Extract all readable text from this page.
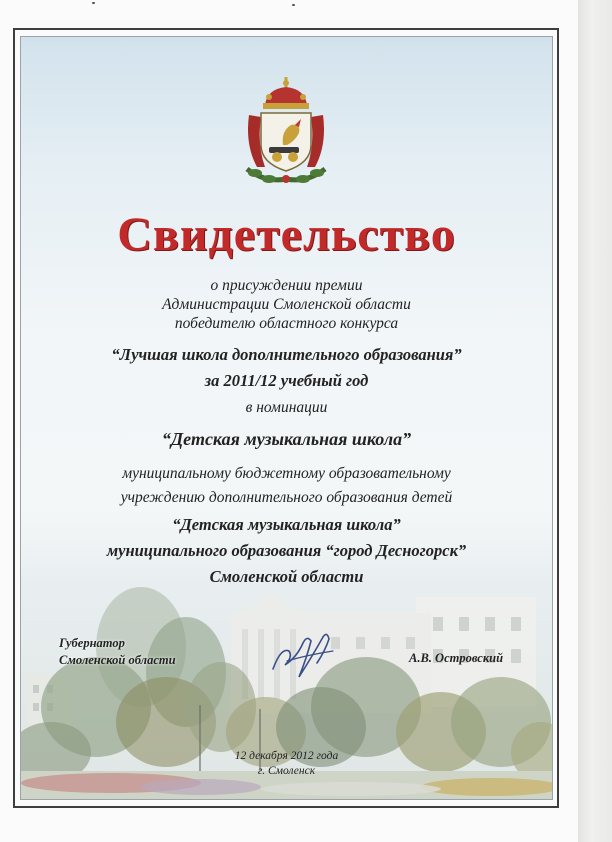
Свидетельство
о присуждении премии
Администрации Смоленской области
победителю областного конкурса
“Лучшая школа дополнительного образования”
за 2011/12 учебный год
в номинации
“Детская музыкальная школа”
муниципальному бюджетному образовательному
учреждению дополнительного образования детей
“Детская музыкальная школа”
муниципального образования “город Десногорск”
Смоленской области
Губернатор
Смоленской области	А.В. Островский
12 декабря 2012 года
г. Смоленск
